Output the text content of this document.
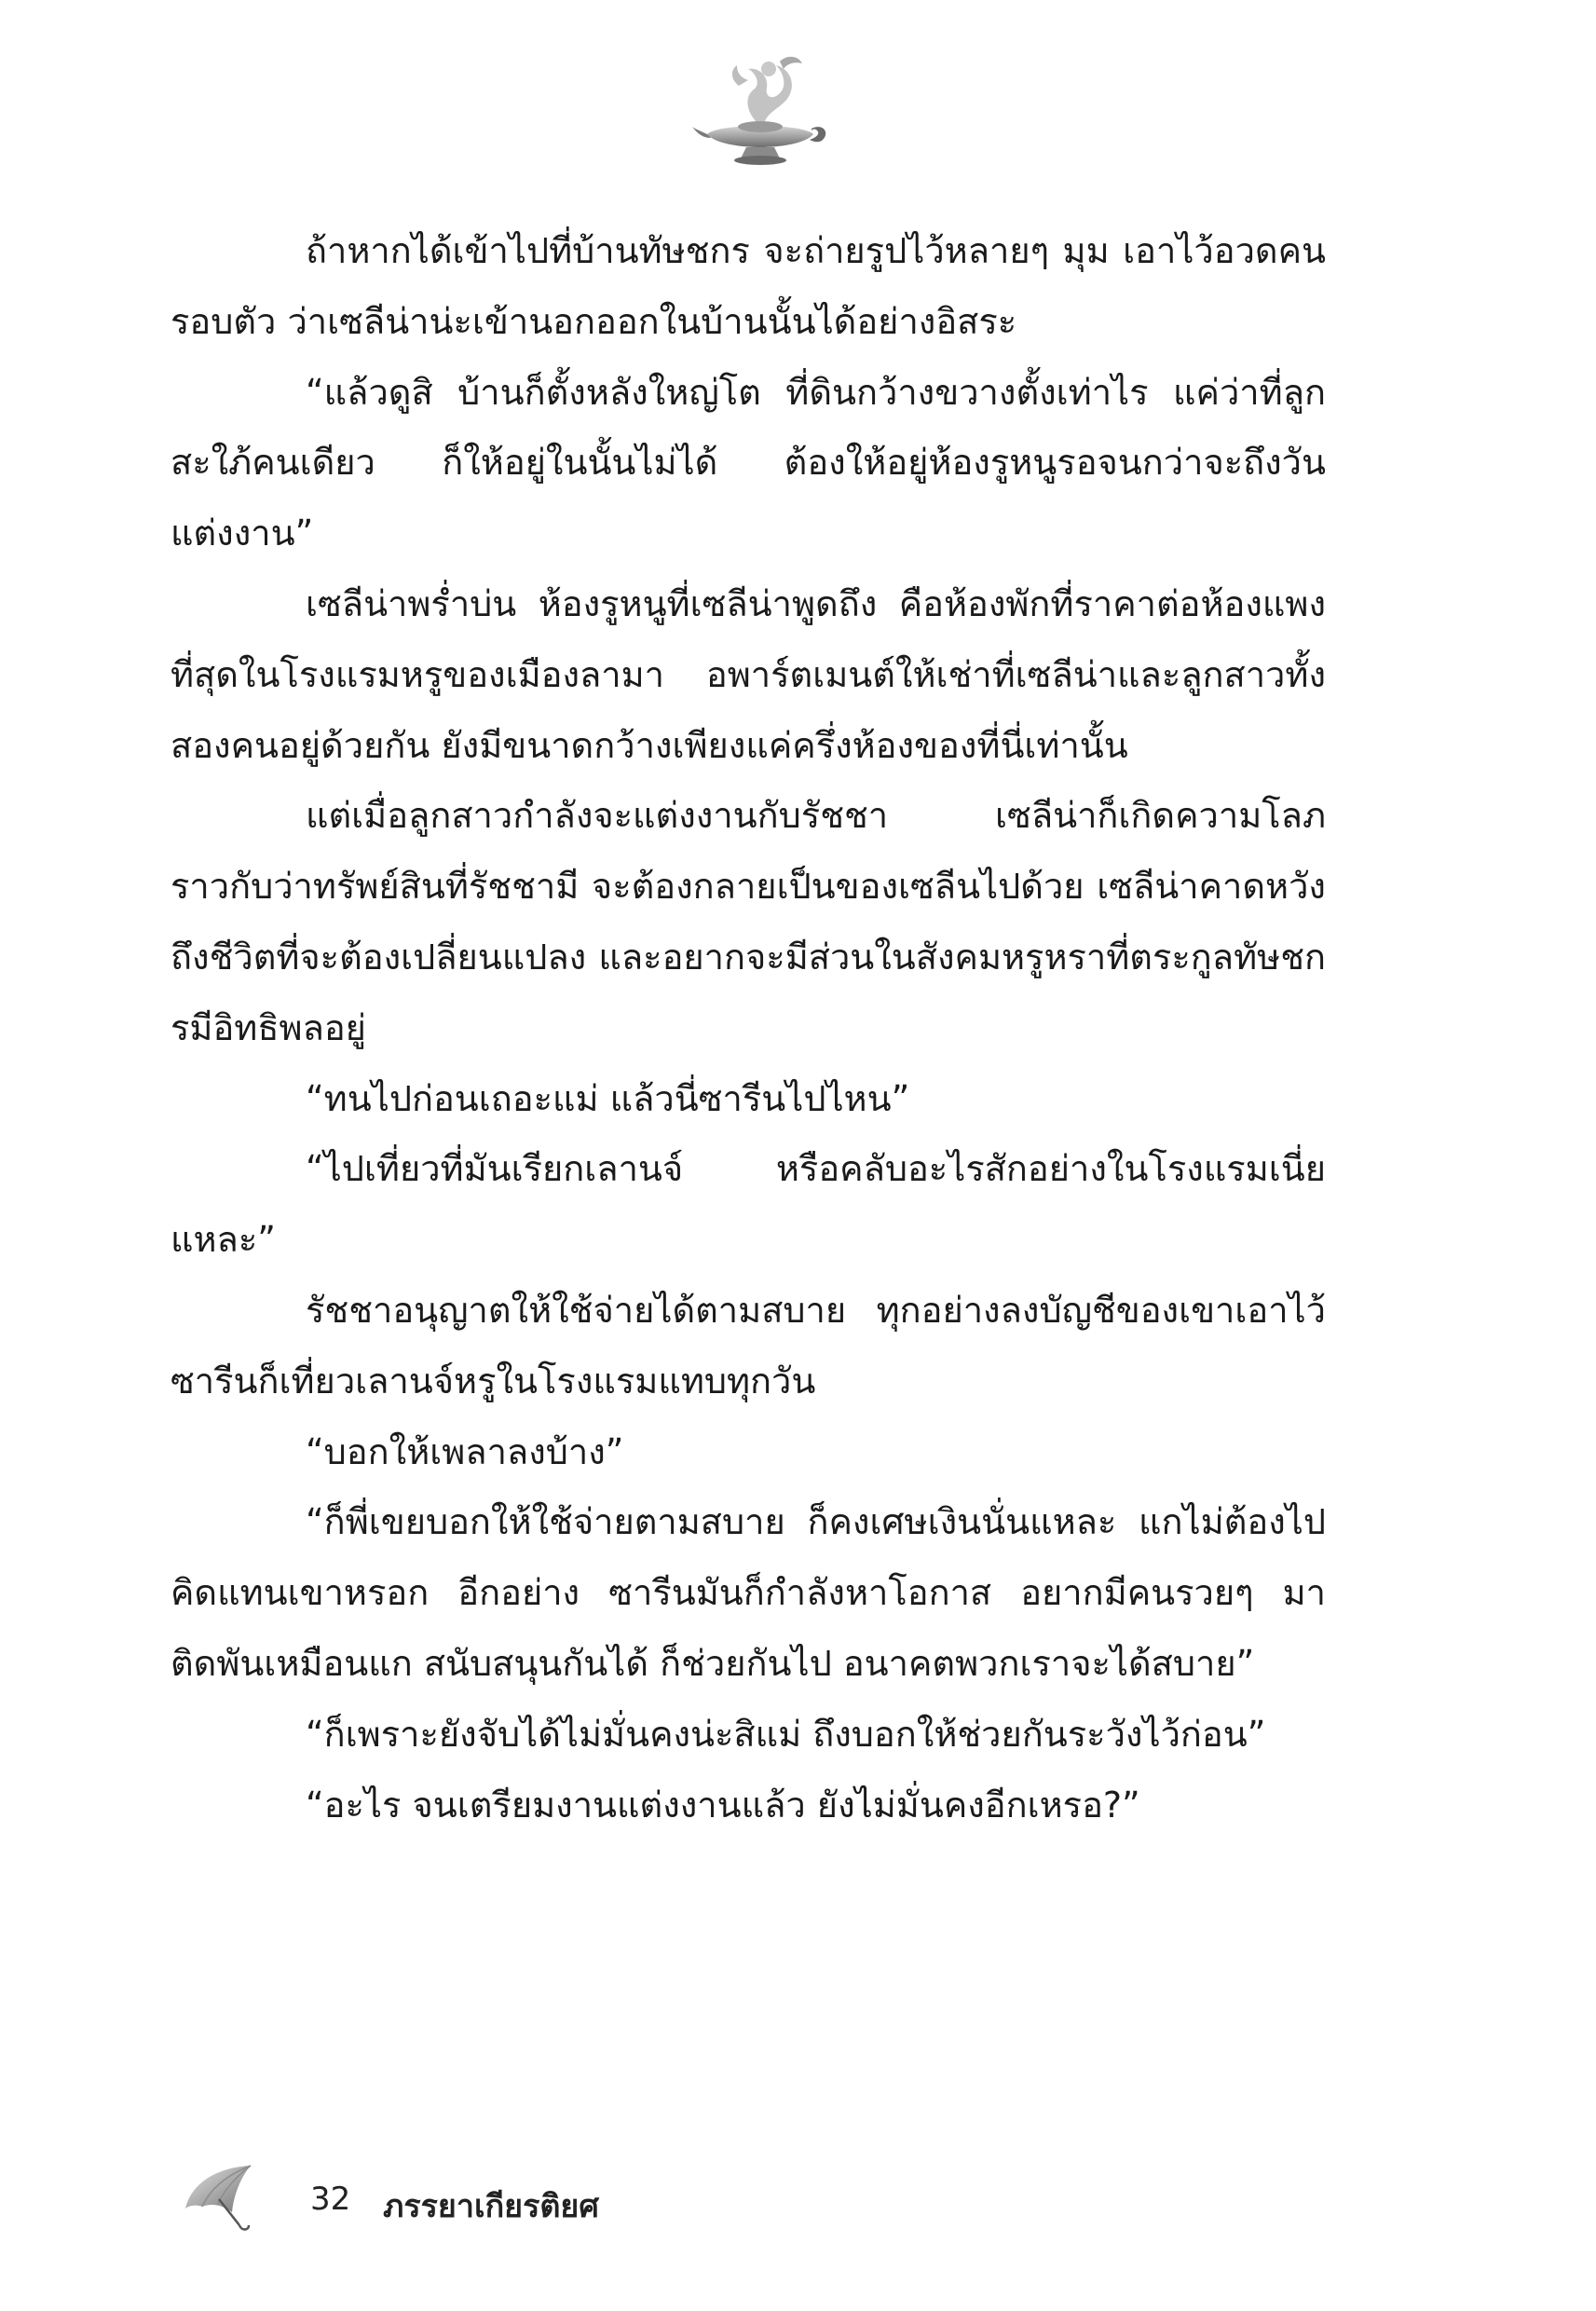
ถ้าหากได้เข้าไปที่บ้านทัษชกร จะถ่ายรูปไว้หลายๆ มุม เอาไว้อวดคนรอบตัว ว่าเซลีน่าน่ะเข้านอกออกในบ้านนั้นได้อย่างอิสระ

“แล้วดูสิ บ้านก็ตั้งหลังใหญ่โต ที่ดินกว้างขวางตั้งเท่าไร แค่ว่าที่ลูกสะใภ้คนเดียว ก็ให้อยู่ในนั้นไม่ได้ ต้องให้อยู่ห้องรูหนูรอจนกว่าจะถึงวันแต่งงาน”

เซลีน่าพร่ำบ่น ห้องรูหนูที่เซลีน่าพูดถึง คือห้องพักที่ราคาต่อห้องแพงที่สุดในโรงแรมหรูของเมืองลามา อพาร์ตเมนต์ให้เช่าที่เซลีน่าและลูกสาวทั้งสองคนอยู่ด้วยกัน ยังมีขนาดกว้างเพียงแค่ครึ่งห้องของที่นี่เท่านั้น

แต่เมื่อลูกสาวกำลังจะแต่งงานกับรัชชา เซลีน่าก็เกิดความโลภราวกับว่าทรัพย์สินที่รัชชามี จะต้องกลายเป็นของเซลีนไปด้วย เซลีน่าคาดหวังถึงชีวิตที่จะต้องเปลี่ยนแปลง และอยากจะมีส่วนในสังคมหรูหราที่ตระกูลทัษชกรมีอิทธิพลอยู่

“ทนไปก่อนเถอะแม่ แล้วนี่ซารีนไปไหน”

“ไปเที่ยวที่มันเรียกเลานจ์ หรือคลับอะไรสักอย่างในโรงแรมเนี่ยแหละ”

รัชชาอนุญาตให้ใช้จ่ายได้ตามสบาย ทุกอย่างลงบัญชีของเขาเอาไว้ ซารีนก็เที่ยวเลานจ์หรูในโรงแรมแทบทุกวัน

“บอกให้เพลาลงบ้าง”

“ก็พี่เขยบอกให้ใช้จ่ายตามสบาย ก็คงเศษเงินนั่นแหละ แกไม่ต้องไปคิดแทนเขาหรอก อีกอย่าง ซารีนมันก็กำลังหาโอกาส อยากมีคนรวยๆ มาติดพันเหมือนแก สนับสนุนกันได้ ก็ช่วยกันไป อนาคตพวกเราจะได้สบาย”

“ก็เพราะยังจับได้ไม่มั่นคงน่ะสิแม่ ถึงบอกให้ช่วยกันระวังไว้ก่อน”

“อะไร จนเตรียมงานแต่งงานแล้ว ยังไม่มั่นคงอีกเหรอ?”

32 ภรรยาเกียรติยศ
